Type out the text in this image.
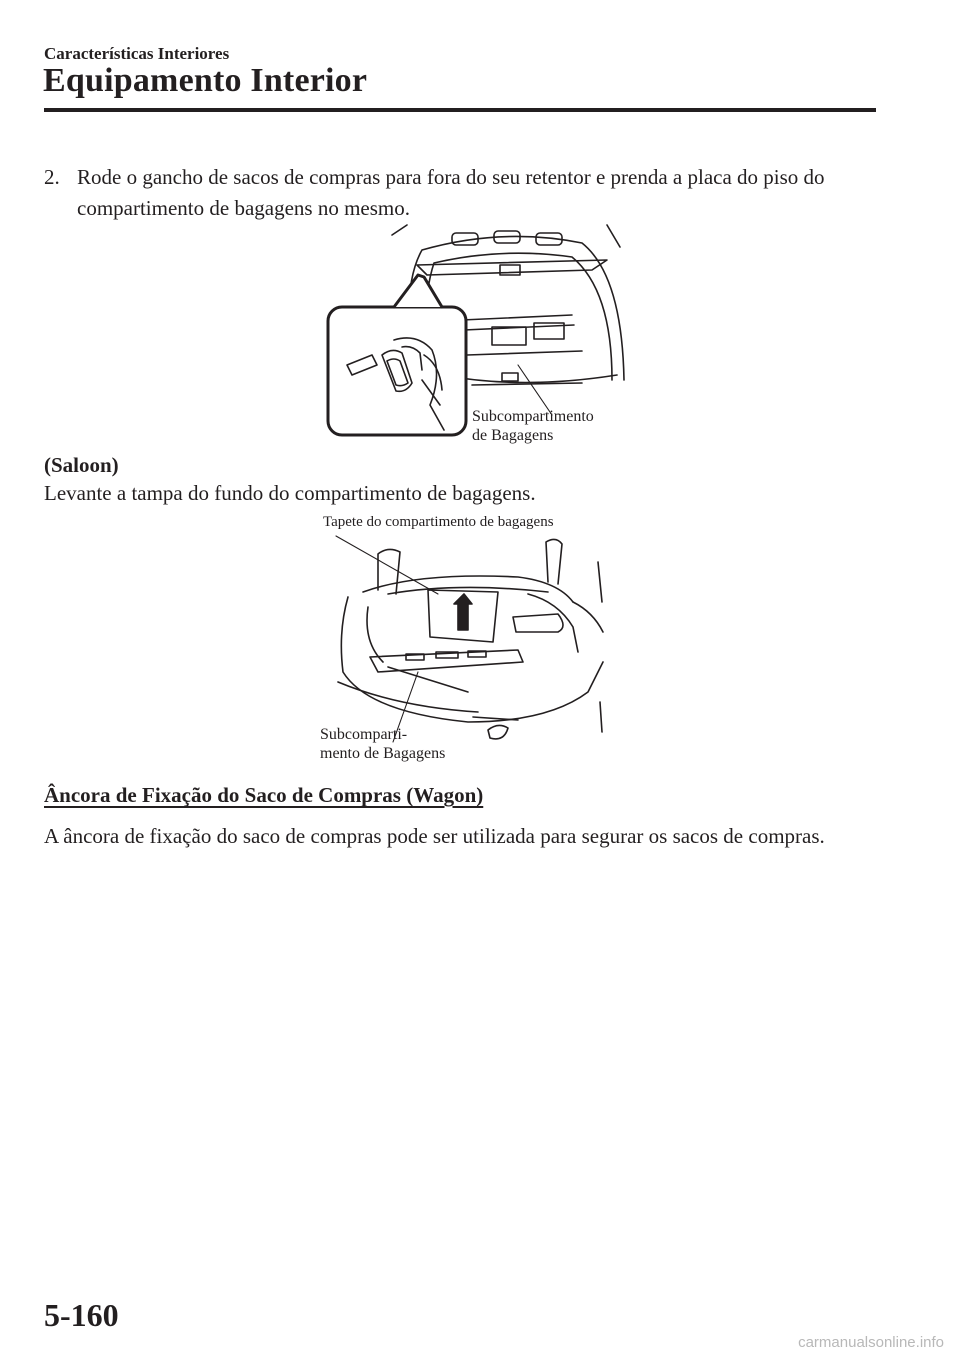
Características Interiores
Equipamento Interior
2. Rode o gancho de sacos de compras para fora do seu retentor e prenda a placa do piso do compartimento de bagagens no mesmo.
Subcompartimento
de Bagagens
(Saloon)
Levante a tampa do fundo do compartimento de bagagens.
Tapete do compartimento de bagagens
Subcomparti-
mento de Bagagens
Âncora de Fixação do Saco de Compras (Wagon)
A âncora de fixação do saco de compras pode ser utilizada para segurar os sacos de compras.
5-160
carmanualsonline.info
